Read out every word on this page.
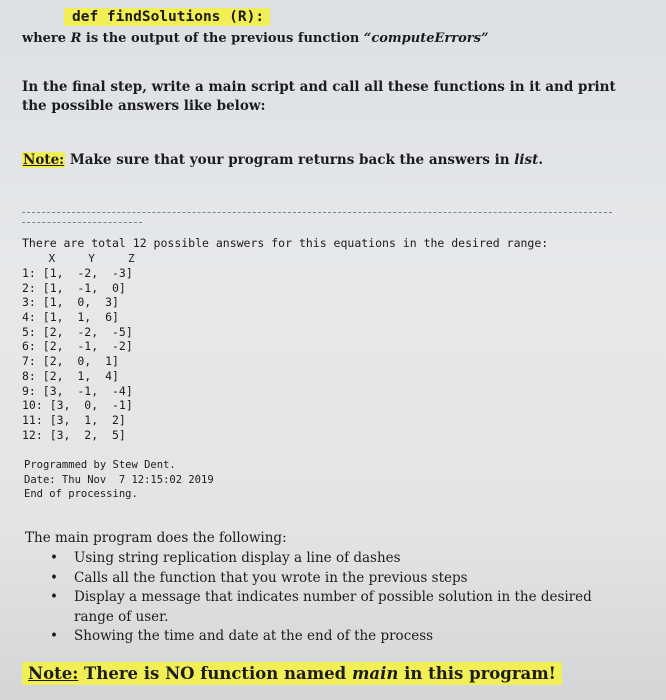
def findSolutions (R):
where R is the output of the previous function “computeErrors”
In the final step, write a main script and call all these functions in it and print the possible answers like below:
Note: Make sure that your program returns back the answers in list.
There are total 12 possible answers for this equations in the desired range:
X     Y     Z
1: [1,  -2,  -3]
2: [1,  -1,  0]
3: [1,  0,  3]
4: [1,  1,  6]
5: [2,  -2,  -5]
6: [2,  -1,  -2]
7: [2,  0,  1]
8: [2,  1,  4]
9: [3,  -1,  -4]
10: [3,  0,  -1]
11: [3,  1,  2]
12: [3,  2,  5]
Programmed by Stew Dent.
Date: Thu Nov  7 12:15:02 2019
End of processing.
The main program does the following:
• Using string replication display a line of dashes
• Calls all the function that you wrote in the previous steps
• Display a message that indicates number of possible solution in the desired range of user.
• Showing the time and date at the end of the process
Note: There is NO function named main in this program!
